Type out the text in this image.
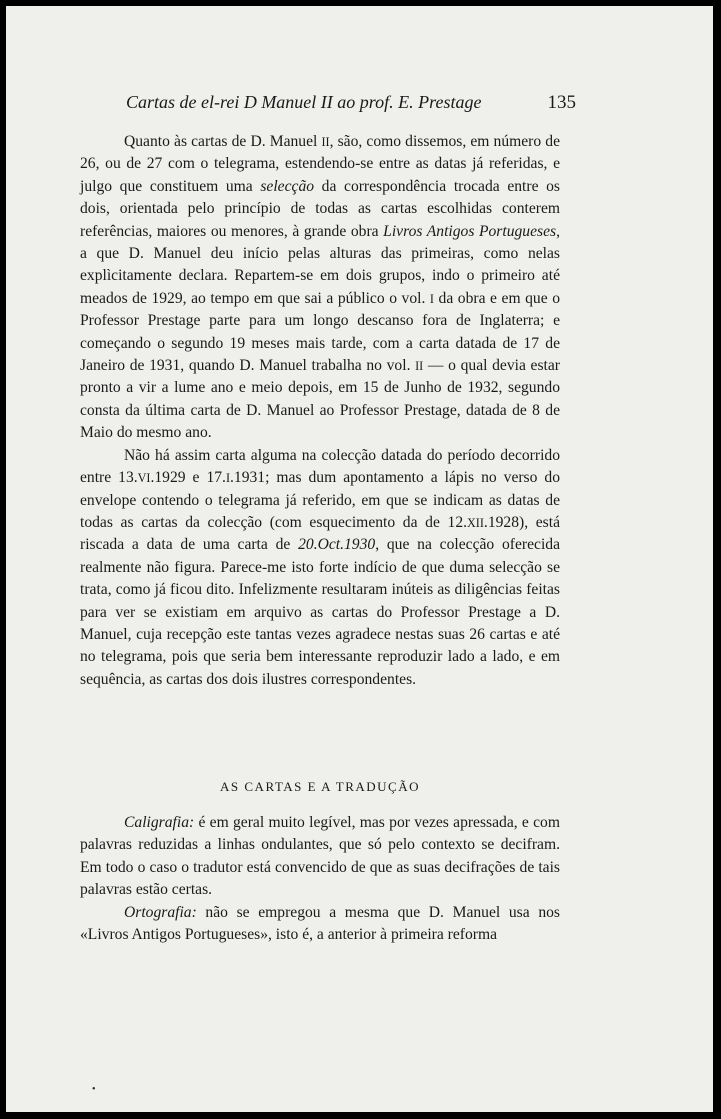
Cartas de el-rei D Manuel II ao prof. E. Prestage	135

Quanto às cartas de D. Manuel II, são, como dissemos, em número de 26, ou de 27 com o telegrama, estendendo-se entre as datas já referidas, e julgo que constituem uma selecção da correspondência trocada entre os dois, orientada pelo princípio de todas as cartas escolhidas conterem referências, maiores ou menores, à grande obra Livros Antigos Portugueses, a que D. Manuel deu início pelas alturas das primeiras, como nelas explìcitamente declara. Repartem-se em dois grupos, indo o primeiro até meados de 1929, ao tempo em que sai a público o vol. I da obra e em que o Professor Prestage parte para um longo descanso fora de Inglaterra; e começando o segundo 19 meses mais tarde, com a carta datada de 17 de Janeiro de 1931, quando D. Manuel trabalha no vol. II — o qual devia estar pronto a vir a lume ano e meio depois, em 15 de Junho de 1932, segundo consta da última carta de D. Manuel ao Professor Prestage, datada de 8 de Maio do mesmo ano.

Não há assim carta alguma na colecção datada do período decorrido entre 13.VI.1929 e 17.I.1931; mas dum apontamento a lápis no verso do envelope contendo o telegrama já referido, em que se indicam as datas de todas as cartas da colecção (com esquecimento da de 12.XII.1928), está riscada a data de uma carta de 20.Oct.1930, que na colecção oferecida realmente não figura. Parece-me isto forte indício de que duma selecção se trata, como já ficou dito. Infelizmente resultaram inúteis as diligências feitas para ver se existiam em arquivo as cartas do Professor Prestage a D. Manuel, cuja recepção este tantas vezes agradece nestas suas 26 cartas e até no telegrama, pois que seria bem interessante reproduzir lado a lado, e em sequência, as cartas dos dois ilustres correspondentes.

AS CARTAS E A TRADUÇÃO

Caligrafia: é em geral muito legível, mas por vezes apressada, e com palavras reduzidas a linhas ondulantes, que só pelo contexto se decifram. Em todo o caso o tradutor está convencido de que as suas decifrações de tais palavras estão certas.

Ortografia: não se empregou a mesma que D. Manuel usa nos «Livros Antigos Portugueses», isto é, a anterior à primeira reforma

•
